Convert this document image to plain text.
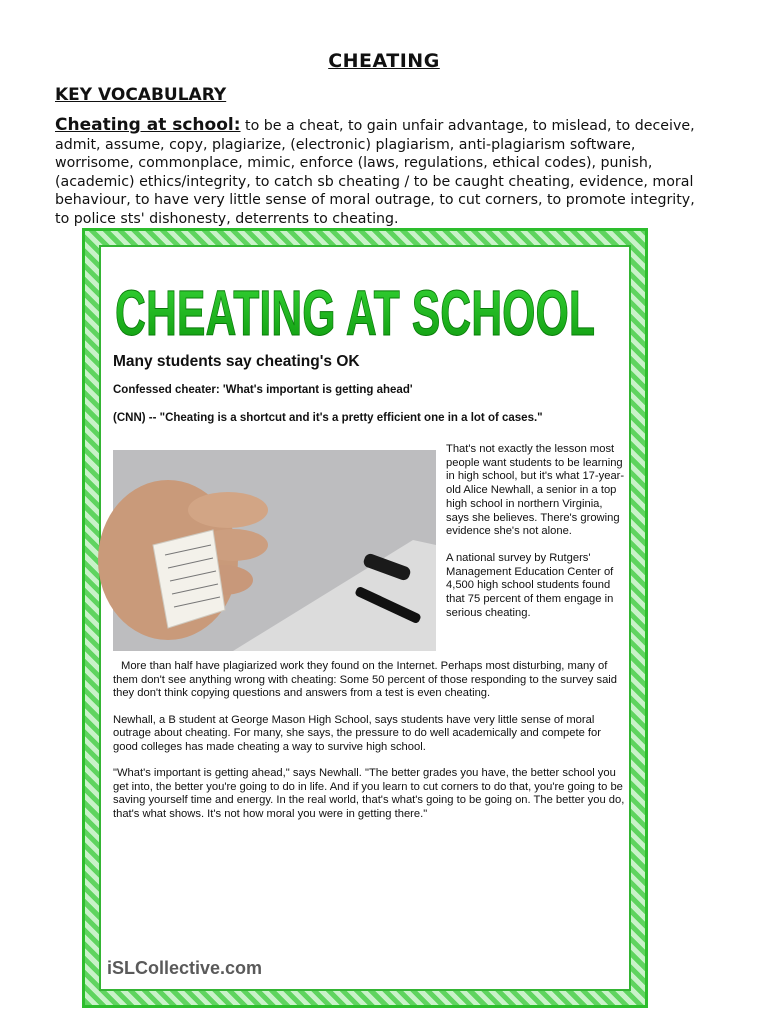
CHEATING
KEY VOCABULARY

Cheating at school: to be a cheat, to gain unfair advantage, to mislead, to deceive, admit, assume, copy, plagiarize, (electronic) plagiarism, anti-plagiarism software, worrisome, commonplace, mimic, enforce (laws, regulations, ethical codes), punish, (academic) ethics/integrity, to catch sb cheating / to be caught cheating, evidence, moral behaviour, to have very little sense of moral outrage, to cut corners, to promote integrity, to police sts' dishonesty, deterrents to cheating.

CHEATING AT SCHOOL
Many students say cheating's OK
Confessed cheater: 'What's important is getting ahead'
(CNN) -- "Cheating is a shortcut and it's a pretty efficient one in a lot of cases."

That's not exactly the lesson most people want students to be learning in high school, but it's what 17-year-old Alice Newhall, a senior in a top high school in northern Virginia, says she believes. There's growing evidence she's not alone.

A national survey by Rutgers' Management Education Center of 4,500 high school students found that 75 percent of them engage in serious cheating.

More than half have plagiarized work they found on the Internet. Perhaps most disturbing, many of them don't see anything wrong with cheating: Some 50 percent of those responding to the survey said they don't think copying questions and answers from a test is even cheating.

Newhall, a B student at George Mason High School, says students have very little sense of moral outrage about cheating. For many, she says, the pressure to do well academically and compete for good colleges has made cheating a way to survive high school.

"What's important is getting ahead," says Newhall. "The better grades you have, the better school you get into, the better you're going to do in life. And if you learn to cut corners to do that, you're going to be saving yourself time and energy. In the real world, that's what's going to be going on. The better you do, that's what shows. It's not how moral you were in getting there."

iSLCollective.com
